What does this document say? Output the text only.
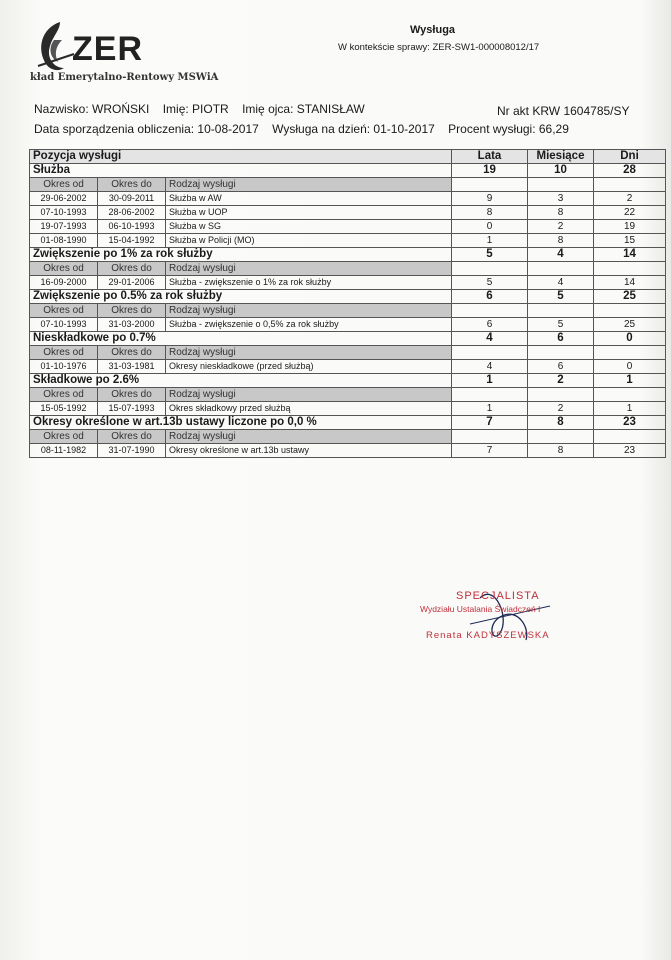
ZER
kład Emerytalno-Rentowy MSWiA
Wysługa
W kontekście sprawy: ZER-SW1-000008012/17
Nazwisko: WROŃSKI Imię: PIOTR Imię ojca: STANISŁAW	Nr akt KRW 1604785/SY
Data sporządzenia obliczenia: 10-08-2017 Wysługa na dzień: 01-10-2017 Procent wysługi: 66,29
Pozycja wysługi			Lata	Miesiące	Dni
Służba			19	10	28
Okres od	Okres do	Rodzaj wysługi			
29-06-2002	30-09-2011	Służba w AW	9	3	2
07-10-1993	28-06-2002	Służba w UOP	8	8	22
19-07-1993	06-10-1993	Służba w SG	0	2	19
01-08-1990	15-04-1992	Służba w Policji (MO)	1	8	15
Zwiększenie po 1% za rok służby			5	4	14
Okres od	Okres do	Rodzaj wysługi			
16-09-2000	29-01-2006	Służba - zwiększenie o 1% za rok służby	5	4	14
Zwiększenie po 0.5% za rok służby			6	5	25
Okres od	Okres do	Rodzaj wysługi			
07-10-1993	31-03-2000	Służba - zwiększenie o 0,5% za rok służby	6	5	25
Nieskładkowe po 0.7%			4	6	0
Okres od	Okres do	Rodzaj wysługi			
01-10-1976	31-03-1981	Okresy nieskładkowe (przed służbą)	4	6	0
Składkowe po 2.6%			1	2	1
Okres od	Okres do	Rodzaj wysługi			
15-05-1992	15-07-1993	Okres składkowy przed służbą	1	2	1
Okresy określone w art.13b ustawy liczone po 0,0 %			7	8	23
Okres od	Okres do	Rodzaj wysługi			
08-11-1982	31-07-1990	Okresy określone w art.13b ustawy	7	8	23
SPECJALISTA
Wydziału Ustalania Świadczeń I
Renata KADYSZEWSKA
